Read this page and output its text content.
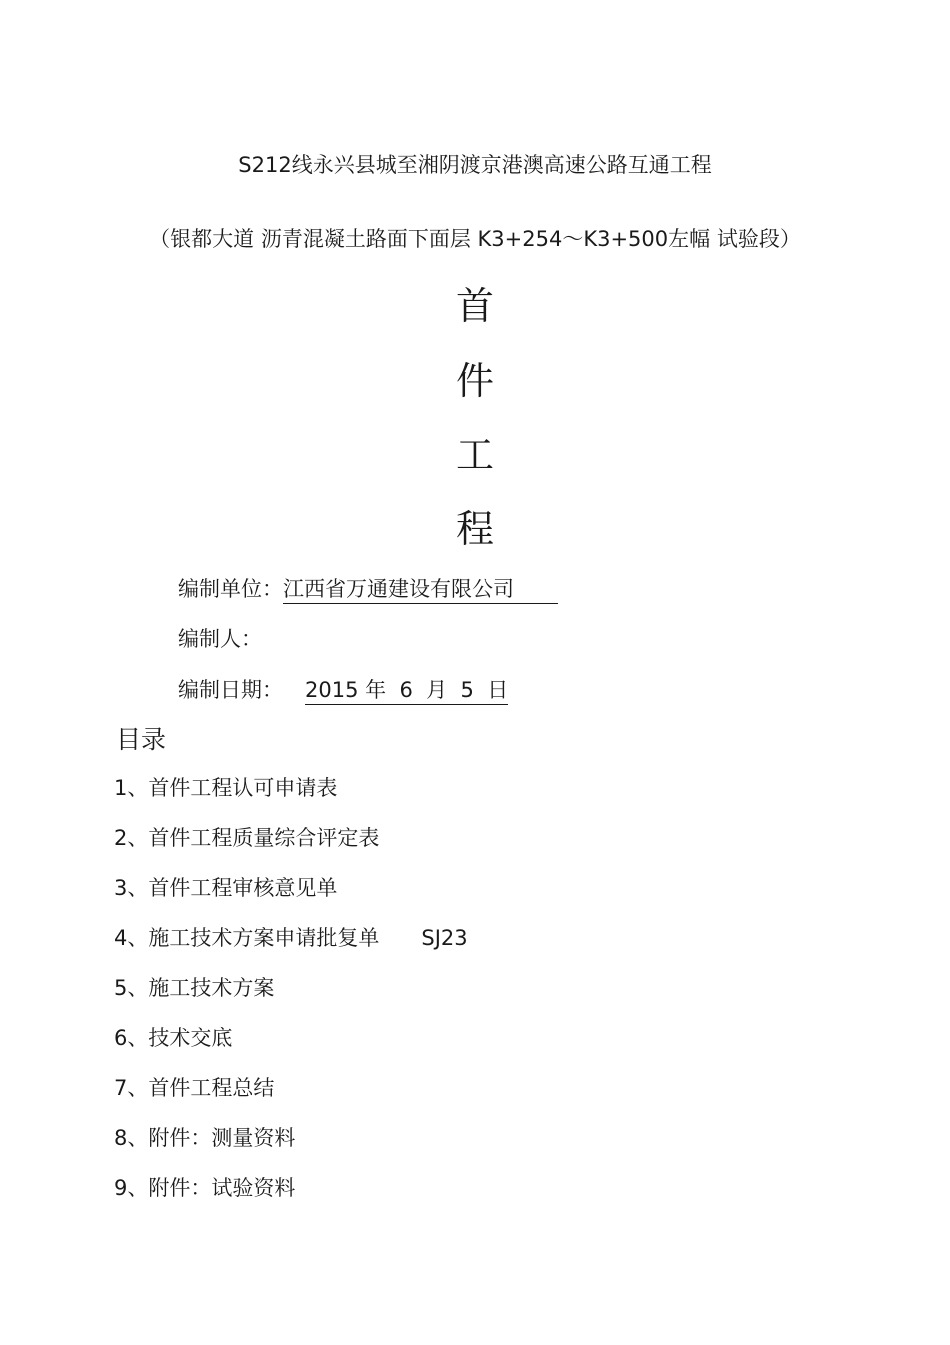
S212线永兴县城至湘阴渡京港澳高速公路互通工程
（银都大道 沥青混凝土路面下面层 K3+254～K3+500左幅 试验段）
首
件
工
程
编制单位：江西省万通建设有限公司
编制人：
编制日期： 2015 年  6  月  5  日
目录
1、首件工程认可申请表
2、首件工程质量综合评定表
3、首件工程审核意见单
4、施工技术方案申请批复单 SJ23
5、施工技术方案
6、技术交底
7、首件工程总结
8、附件：测量资料
9、附件：试验资料
